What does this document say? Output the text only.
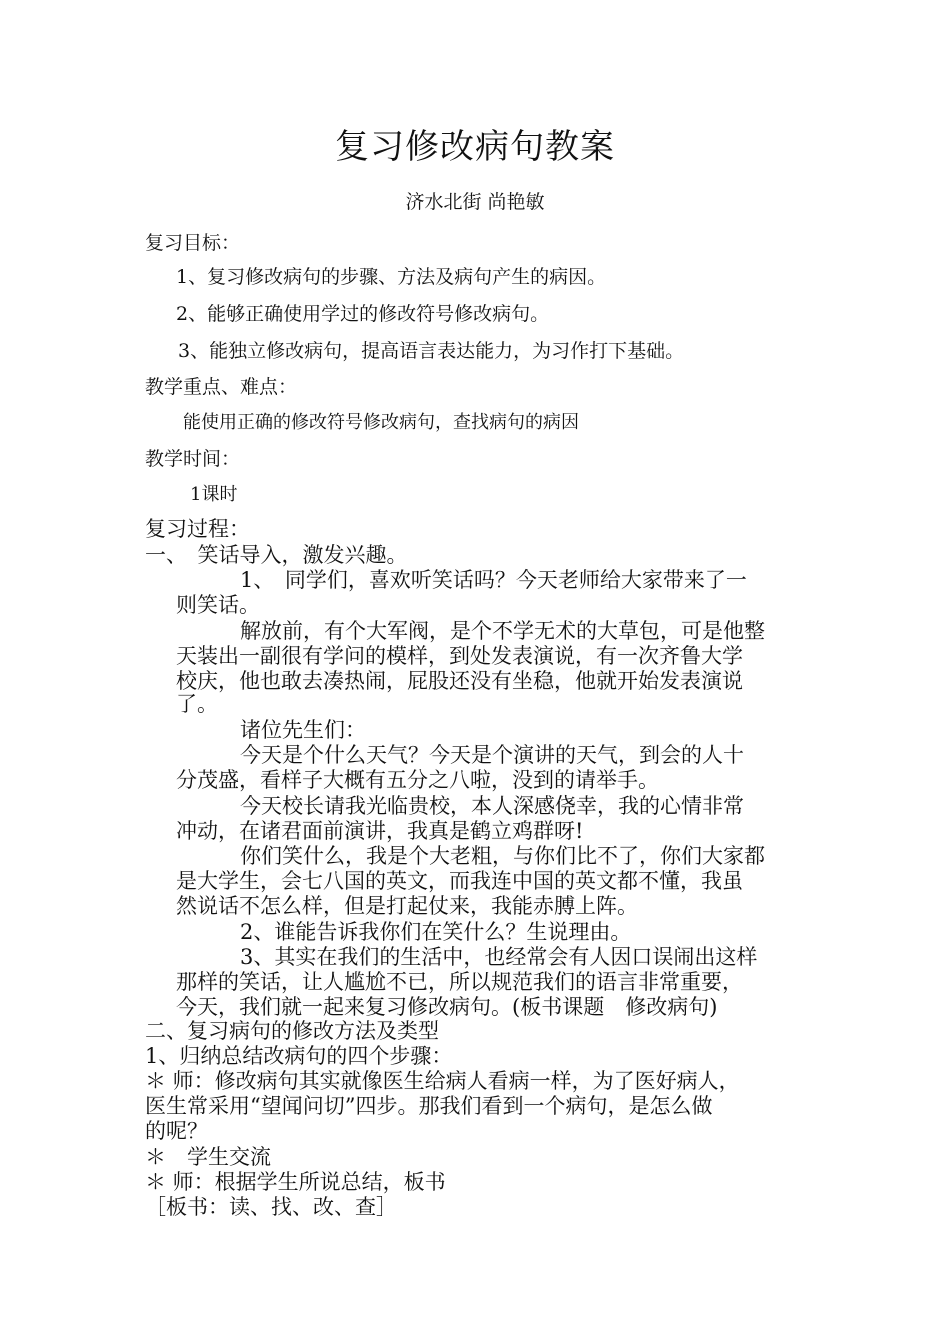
复习修改病句教案
济水北街 尚艳敏
复习目标：
1、复习修改病句的步骤、方法及病句产生的病因。
2、能够正确使用学过的修改符号修改病句。
3、能独立修改病句，提高语言表达能力，为习作打下基础。
教学重点、难点：
能使用正确的修改符号修改病句，查找病句的病因
教学时间：
1课时
复习过程：
一、　笑话导入，激发兴趣。
1、　同学们，喜欢听笑话吗？今天老师给大家带来了一
则笑话。
解放前，有个大军阀，是个不学无术的大草包，可是他整
天装出一副很有学问的模样，到处发表演说，有一次齐鲁大学
校庆，他也敢去凑热闹，屁股还没有坐稳，他就开始发表演说
了。
诸位先生们：
今天是个什么天气？今天是个演讲的天气，到会的人十
分茂盛，看样子大概有五分之八啦，没到的请举手。
今天校长请我光临贵校，本人深感侥幸，我的心情非常
冲动，在诸君面前演讲，我真是鹤立鸡群呀!
你们笑什么，我是个大老粗，与你们比不了，你们大家都
是大学生，会七八国的英文，而我连中国的英文都不懂，我虽
然说话不怎么样，但是打起仗来，我能赤膊上阵。
2、谁能告诉我你们在笑什么？生说理由。
3、其实在我们的生活中，也经常会有人因口误闹出这样
那样的笑话，让人尴尬不已，所以规范我们的语言非常重要，
今天，我们就一起来复习修改病句。(板书课题　修改病句)
二、复习病句的修改方法及类型
1、归纳总结改病句的四个步骤：
＊ 师：修改病句其实就像医生给病人看病一样，为了医好病人，
医生常采用“望闻问切”四步。那我们看到一个病句，是怎么做
的呢？
＊　学生交流
＊ 师：根据学生所说总结，板书
［板书：读、找、改、查］
